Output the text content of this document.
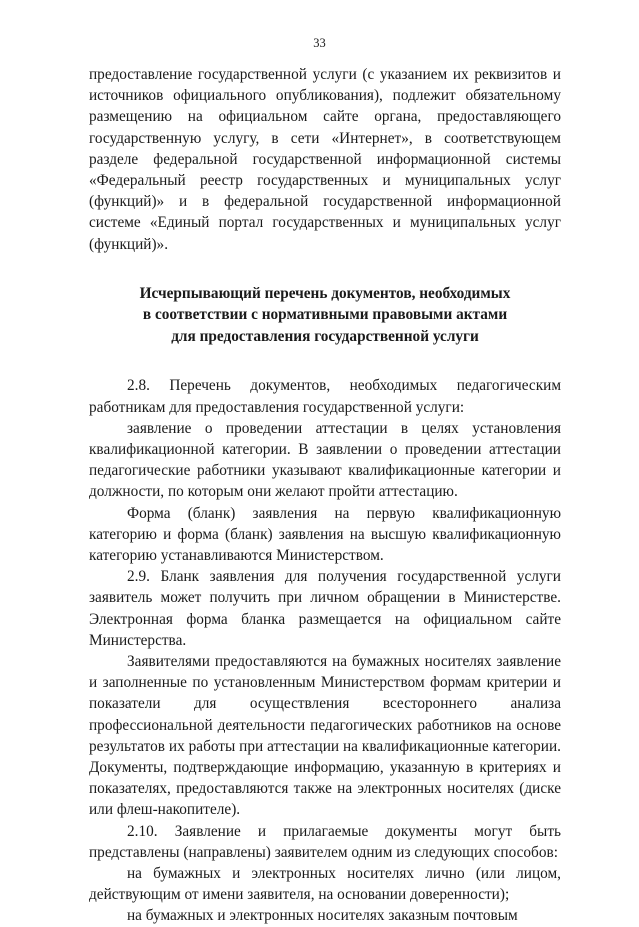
33

предоставление государственной услуги (с указанием их реквизитов и источников официального опубликования), подлежит обязательному размещению на официальном сайте органа, предоставляющего государственную услугу, в сети «Интернет», в соответствующем разделе федеральной государственной информационной системы «Федеральный реестр государственных и муниципальных услуг (функций)» и в федеральной государственной информационной системе «Единый портал государственных и муниципальных услуг (функций)».

Исчерпывающий перечень документов, необходимых
в соответствии с нормативными правовыми актами
для предоставления государственной услуги

2.8. Перечень документов, необходимых педагогическим работникам для предоставления государственной услуги:

заявление о проведении аттестации в целях установления квалификационной категории. В заявлении о проведении аттестации педагогические работники указывают квалификационные категории и должности, по которым они желают пройти аттестацию.

Форма (бланк) заявления на первую квалификационную категорию и форма (бланк) заявления на высшую квалификационную категорию устанавливаются Министерством.

2.9. Бланк заявления для получения государственной услуги заявитель может получить при личном обращении в Министерстве. Электронная форма бланка размещается на официальном сайте Министерства.

Заявителями предоставляются на бумажных носителях заявление и заполненные по установленным Министерством формам критерии и показатели для осуществления всестороннего анализа профессиональной деятельности педагогических работников на основе результатов их работы при аттестации на квалификационные категории. Документы, подтверждающие информацию, указанную в критериях и показателях, предоставляются также на электронных носителях (диске или флеш-накопителе).

2.10. Заявление и прилагаемые документы могут быть представлены (направлены) заявителем одним из следующих способов:

на бумажных и электронных носителях лично (или лицом, действующим от имени заявителя, на основании доверенности);

на бумажных и электронных носителях заказным почтовым
